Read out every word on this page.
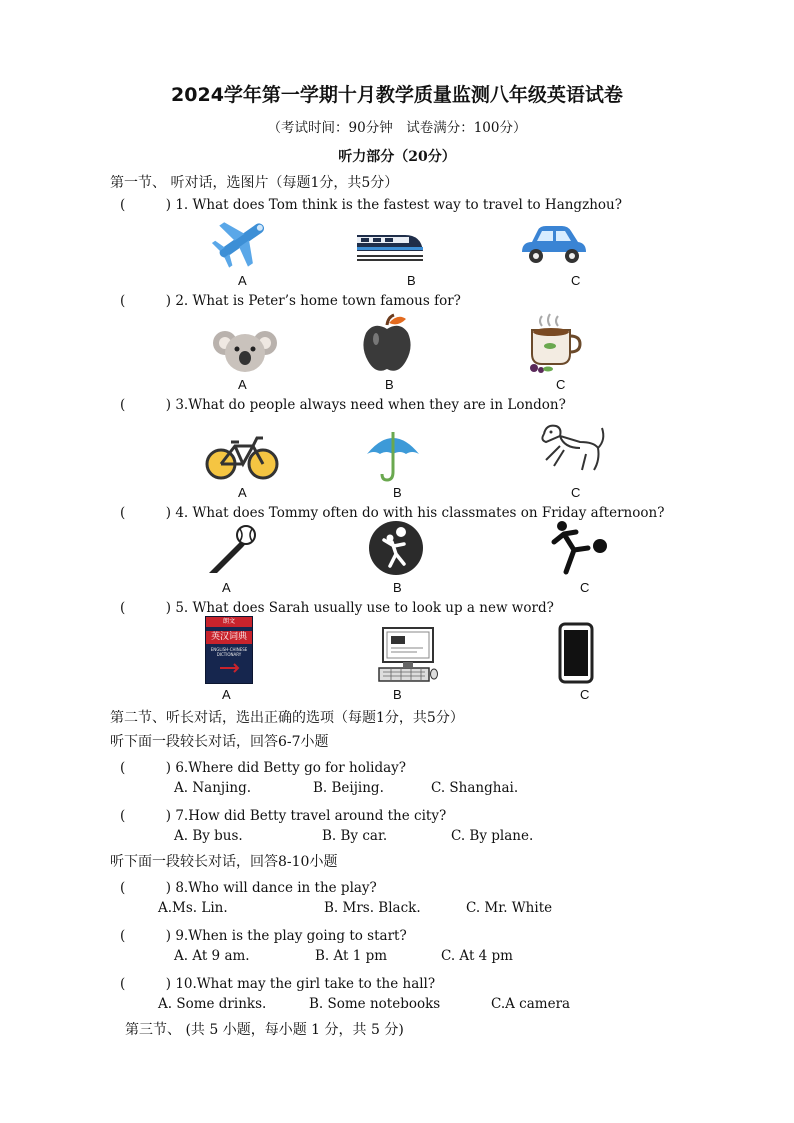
2024学年第一学期十月教学质量监测八年级英语试卷
（考试时间：90分钟　试卷满分：100分）
听力部分（20分）
第一节、 听对话，选图片（每题1分，共5分）
(　　　) 1. What does Tom think is the fastest way to travel to Hangzhou?
A	B	C
(　　　) 2. What is Peter’s home town famous for?
A	B	C
(　　　) 3.What do people always need when they are in London?
A	B	C
(　　　) 4. What does Tommy often do with his classmates on Friday afternoon?
A	B	C
(　　　) 5. What does Sarah usually use to look up a new word?
朗文
英汉词典
ENGLISH-CHINESE DICTIONARY
A	B	C
第二节、听长对话，选出正确的选项（每题1分，共5分）
听下面一段较长对话，回答6-7小题
(　　　) 6.Where did Betty go for holiday?
A. Nanjing.	B. Beijing.	C. Shanghai.
(　　　) 7.How did Betty travel around the city?
A. By bus.	B. By car.	C. By plane.
听下面一段较长对话，回答8-10小题
(　　　) 8.Who will dance in the play?
A.Ms. Lin.	B. Mrs. Black.	C. Mr. White
(　　　) 9.When is the play going to start?
A. At 9 am.	B. At 1 pm	C. At 4 pm
(　　　) 10.What may the girl take to the hall?
A. Some drinks.	B. Some notebooks	C.A camera
第三节、 (共 5 小题，每小题 1 分，共 5 分)
